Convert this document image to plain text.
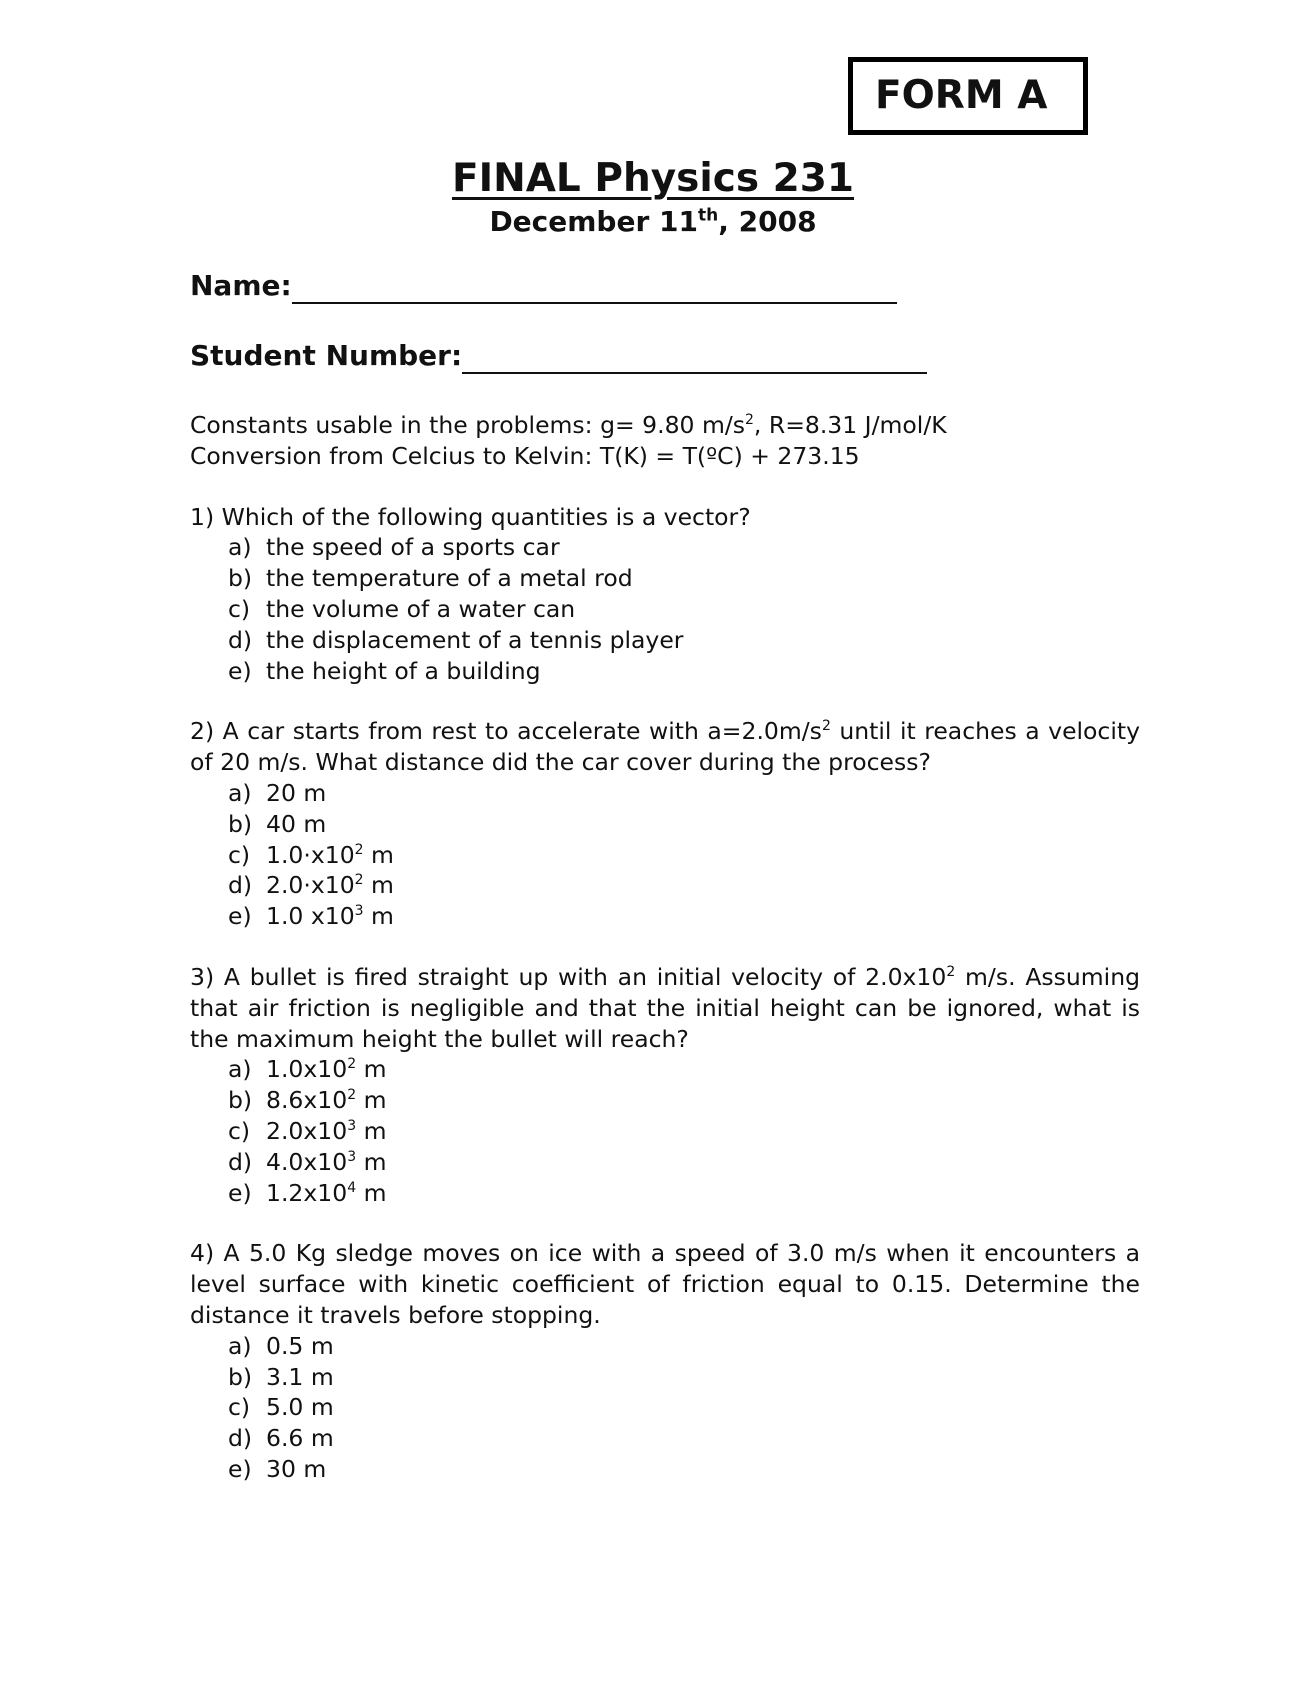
FORM A
FINAL Physics 231
December 11th, 2008
Name:
Student Number:
Constants usable in the problems: g= 9.80 $m/s^2$, R=8.31 J/mol/K
Conversion from Celcius to Kelvin: T(K) = T(ºC) + 273.15
1) Which of the following quantities is a vector?
a) the speed of a sports car
b) the temperature of a metal rod
c) the volume of a water can
d) the displacement of a tennis player
e) the height of a building
2) A car starts from rest to accelerate with $a=2.0m/s^2$ until it reaches a velocity of 20 m/s. What distance did the car cover during the process?
a) 20 m
b) 40 m
c) $1.0\cdot x10^2$ m
d) $2.0\cdot x10^2$ m
e) 1.0 $x10^3$ m
3) A bullet is fired straight up with an initial velocity of $2.0x10^2$ m/s. Assuming that air friction is negligible and that the initial height can be ignored, what is the maximum height the bullet will reach?
a) $1.0x10^2$ m
b) $8.6x10^2$ m
c) $2.0x10^3$ m
d) $4.0x10^3$ m
e) $1.2x10^4$ m
4) A 5.0 Kg sledge moves on ice with a speed of 3.0 m/s when it encounters a level surface with kinetic coefficient of friction equal to 0.15. Determine the distance it travels before stopping.
a) 0.5 m
b) 3.1 m
c) 5.0 m
d) 6.6 m
e) 30 m
